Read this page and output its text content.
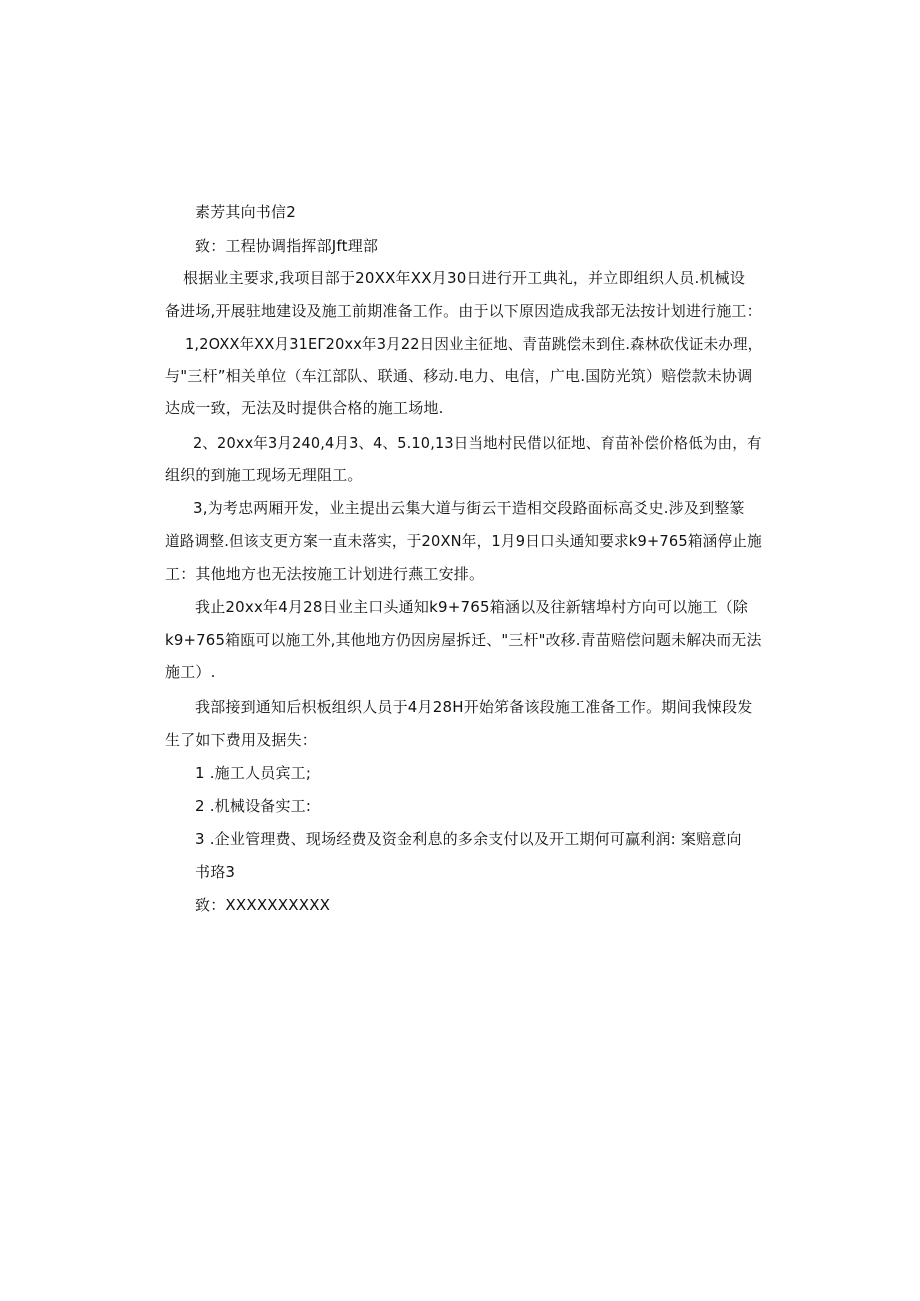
素芳其向书信2
致：工程协调指挥部Jft理部
根据业主要求,我项目部于20XX年XX月30日进行开工典礼，并立即组织人员.机械设
备进场,开展驻地建设及施工前期准备工作。由于以下原因造成我部无法按计划进行施工：
1,2OXX年XX月31EΓ20xx年3月22日因业主征地、青苗跳偿未到住.森林砍伐证未办理，
与"三杆”相关单位（车江部队、联通、移动.电力、电信，广电.国防光筑）赔偿款未协调
达成一致，无法及时提供合格的施工场地.
2、20xx年3月240,4月3、4、5.10,13日当地村民借以征地、育苗补偿价格低为由，有
组织的到施工现场无理阻工。
3,为考忠两厢开发，业主提出云集大道与街云干造相交段路面标高爻史.涉及到整篆
道路调整.但该支更方案一直未落实，于20XN年，1月9日口头通知要求k9+765箱涵停止施
工：其他地方也无法按施工计划进行燕工安排。
我止20xx年4月28日业主口头通知k9+765箱涵以及往新辖埠村方向可以施工（除
k9+765箱瓯可以施工外,其他地方仍因房屋拆迁、"三杆"改移.青苗赔偿问题未解决而无法
施工）.
我部接到通知后枳板组织人员于4月28H开始笫备该段施工准备工作。期间我悚段发
生了如下费用及据失：
1 .施工人员宾工;
2 .机械设备实工:
3 .企业管理费、现场经费及资金利息的多余支付以及开工期何可赢利润: 案赔意向
书珞3
致：XXXXXXXXXX
